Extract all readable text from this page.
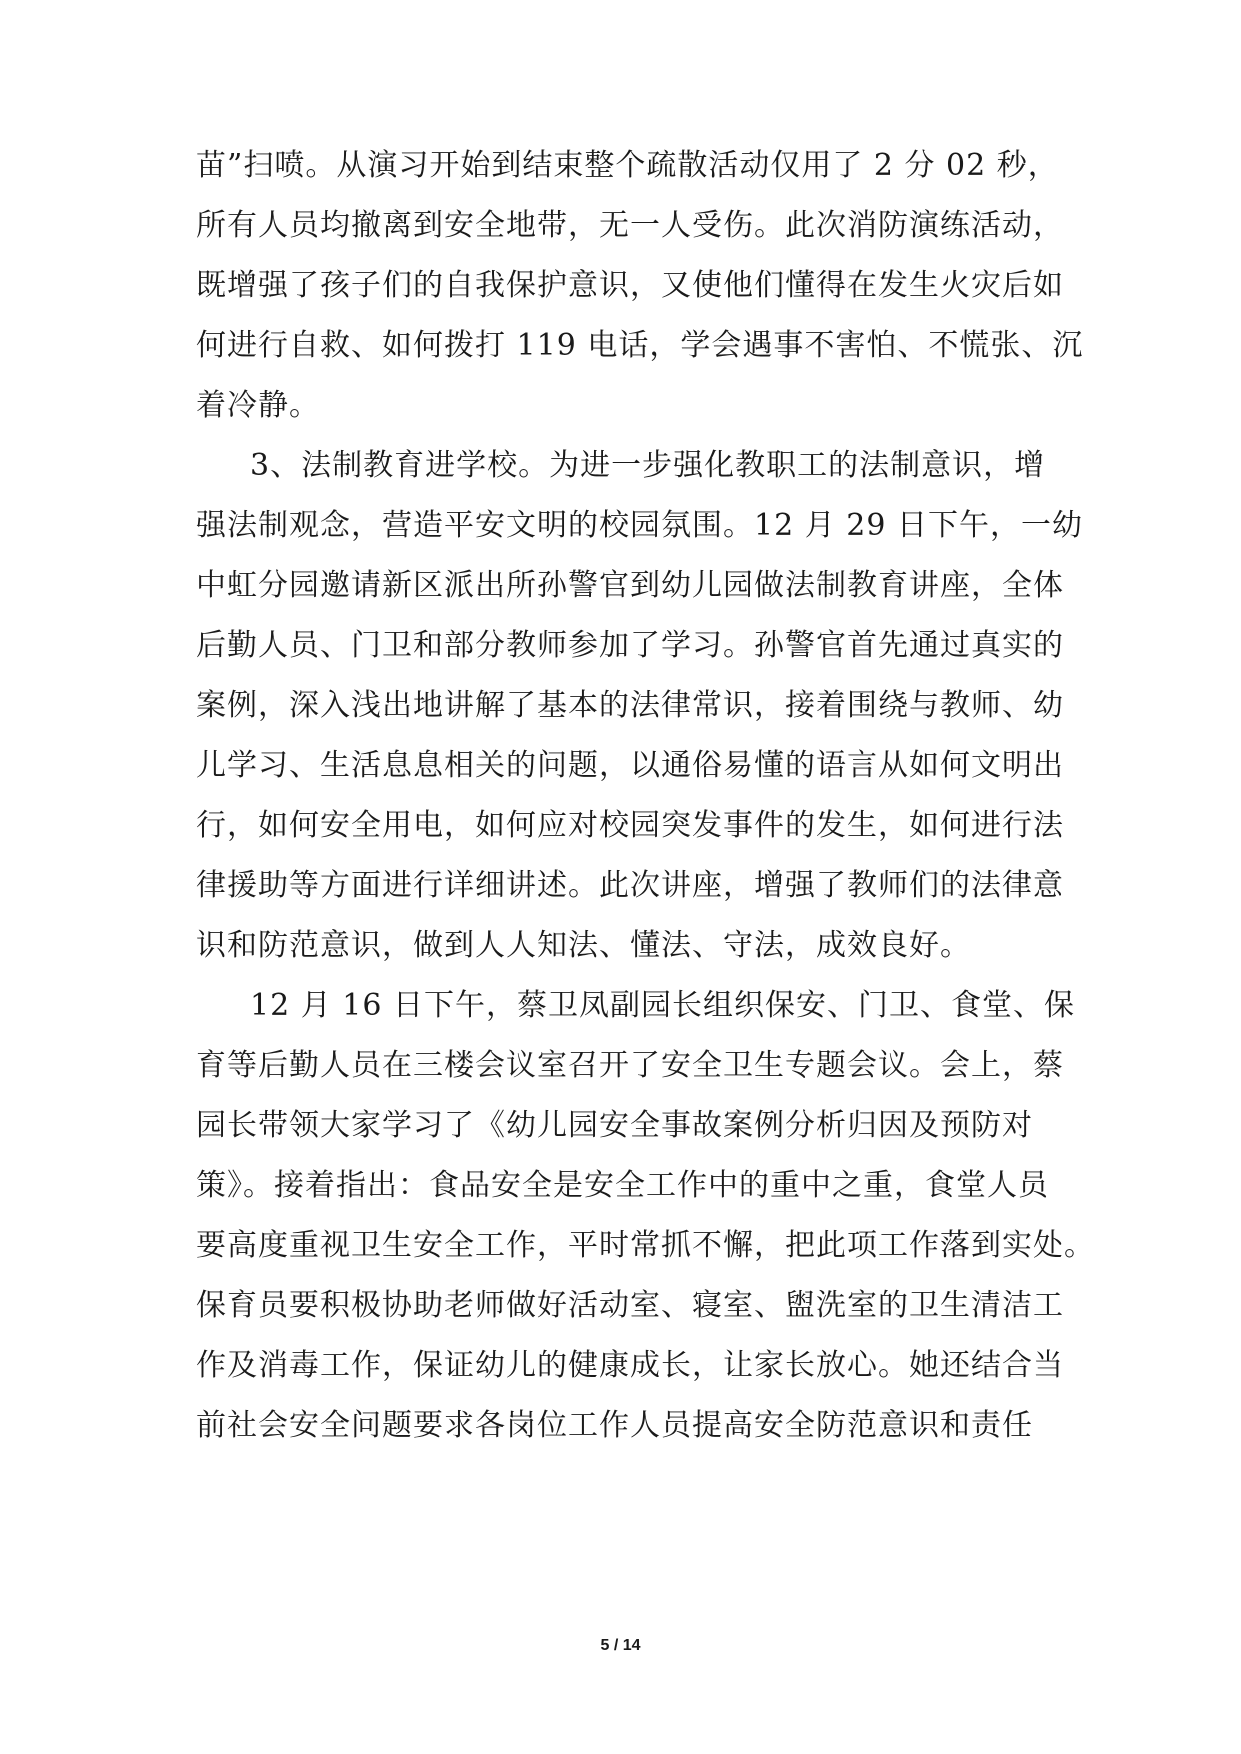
苗”扫喷。从演习开始到结束整个疏散活动仅用了 2 分 02 秒，
所有人员均撤离到安全地带，无一人受伤。此次消防演练活动，
既增强了孩子们的自我保护意识，又使他们懂得在发生火灾后如
何进行自救、如何拨打 119 电话，学会遇事不害怕、不慌张、沉
着冷静。
3、法制教育进学校。为进一步强化教职工的法制意识，增
强法制观念，营造平安文明的校园氛围。12 月 29 日下午，一幼
中虹分园邀请新区派出所孙警官到幼儿园做法制教育讲座，全体
后勤人员、门卫和部分教师参加了学习。孙警官首先通过真实的
案例，深入浅出地讲解了基本的法律常识，接着围绕与教师、幼
儿学习、生活息息相关的问题，以通俗易懂的语言从如何文明出
行，如何安全用电，如何应对校园突发事件的发生，如何进行法
律援助等方面进行详细讲述。此次讲座，增强了教师们的法律意
识和防范意识，做到人人知法、懂法、守法，成效良好。
12 月 16 日下午，蔡卫凤副园长组织保安、门卫、食堂、保
育等后勤人员在三楼会议室召开了安全卫生专题会议。会上，蔡
园长带领大家学习了《幼儿园安全事故案例分析归因及预防对
策》。接着指出：食品安全是安全工作中的重中之重，食堂人员
要高度重视卫生安全工作，平时常抓不懈，把此项工作落到实处。
保育员要积极协助老师做好活动室、寝室、盥洗室的卫生清洁工
作及消毒工作，保证幼儿的健康成长，让家长放心。她还结合当
前社会安全问题要求各岗位工作人员提高安全防范意识和责任
5 / 14
